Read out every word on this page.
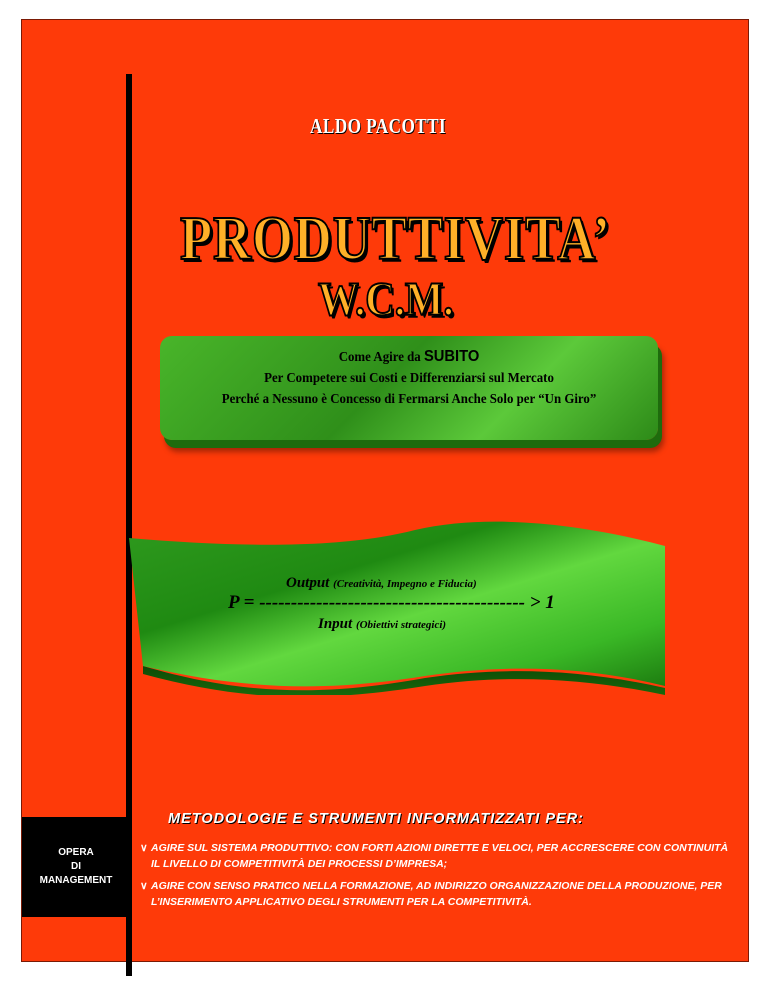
ALDO PACOTTI
PRODUTTIVITA’
W.C.M.
Come Agire da SUBITO
Per Competere sui Costi e Differenziarsi sul Mercato
Perché a Nessuno è Concesso di Fermarsi Anche Solo per “Un Giro”
Output (Creatività, Impegno e Fiducia)
P = ------------------------------------------ > 1
Input (Obiettivi strategici)
OPERA
DI
MANAGEMENT
METODOLOGIE E STRUMENTI INFORMATIZZATI PER:
∨ AGIRE SUL SISTEMA PRODUTTIVO: CON FORTI AZIONI DIRETTE E VELOCI, PER ACCRESCERE CON CONTINUITÀ IL LIVELLO DI COMPETITIVITÀ DEI PROCESSI D’IMPRESA;
∨ AGIRE CON SENSO PRATICO NELLA FORMAZIONE, AD INDIRIZZO ORGANIZZAZIONE DELLA PRODUZIONE, PER L’INSERIMENTO APPLICATIVO DEGLI STRUMENTI PER LA COMPETITIVITÀ.
